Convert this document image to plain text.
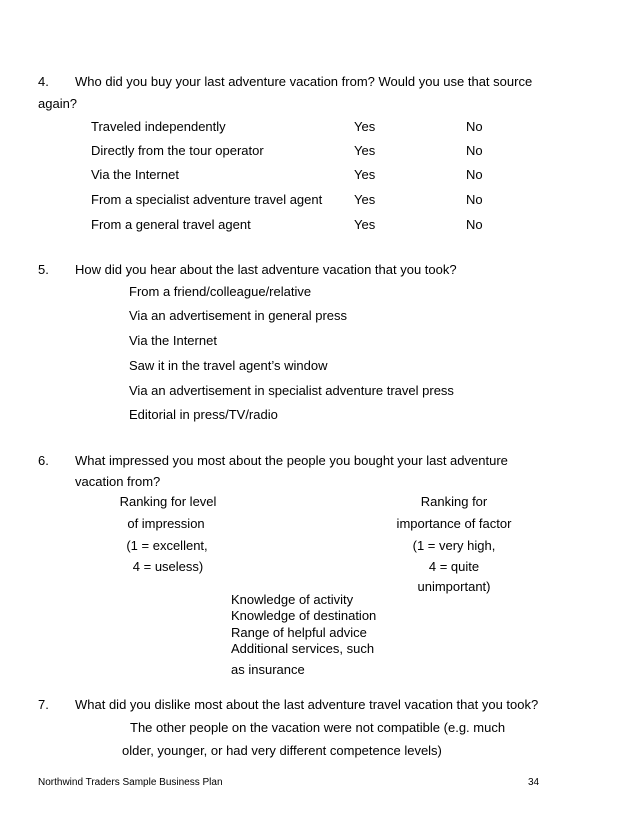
4. Who did you buy your last adventure vacation from? Would you use that source
again?
Traveled independently	Yes	No
Directly from the tour operator	Yes	No
Via the Internet	Yes	No
From a specialist adventure travel agent Yes	No
From a general travel agent	Yes	No
5. How did you hear about the last adventure vacation that you took?
From a friend/colleague/relative
Via an advertisement in general press
Via the Internet
Saw it in the travel agent’s window
Via an advertisement in specialist adventure travel press
Editorial in press/TV/radio
6. What impressed you most about the people you bought your last adventure
vacation from?
Ranking for level
of impression
(1 = excellent,
4 = useless)
Ranking for
importance of factor
(1 = very high,
4 = quite
unimportant)
Knowledge of activity
Knowledge of destination
Range of helpful advice
Additional services, such
as insurance
7. What did you dislike most about the last adventure travel vacation that you took?
The other people on the vacation were not compatible (e.g. much
older, younger, or had very different competence levels)
Northwind Traders Sample Business Plan	34
